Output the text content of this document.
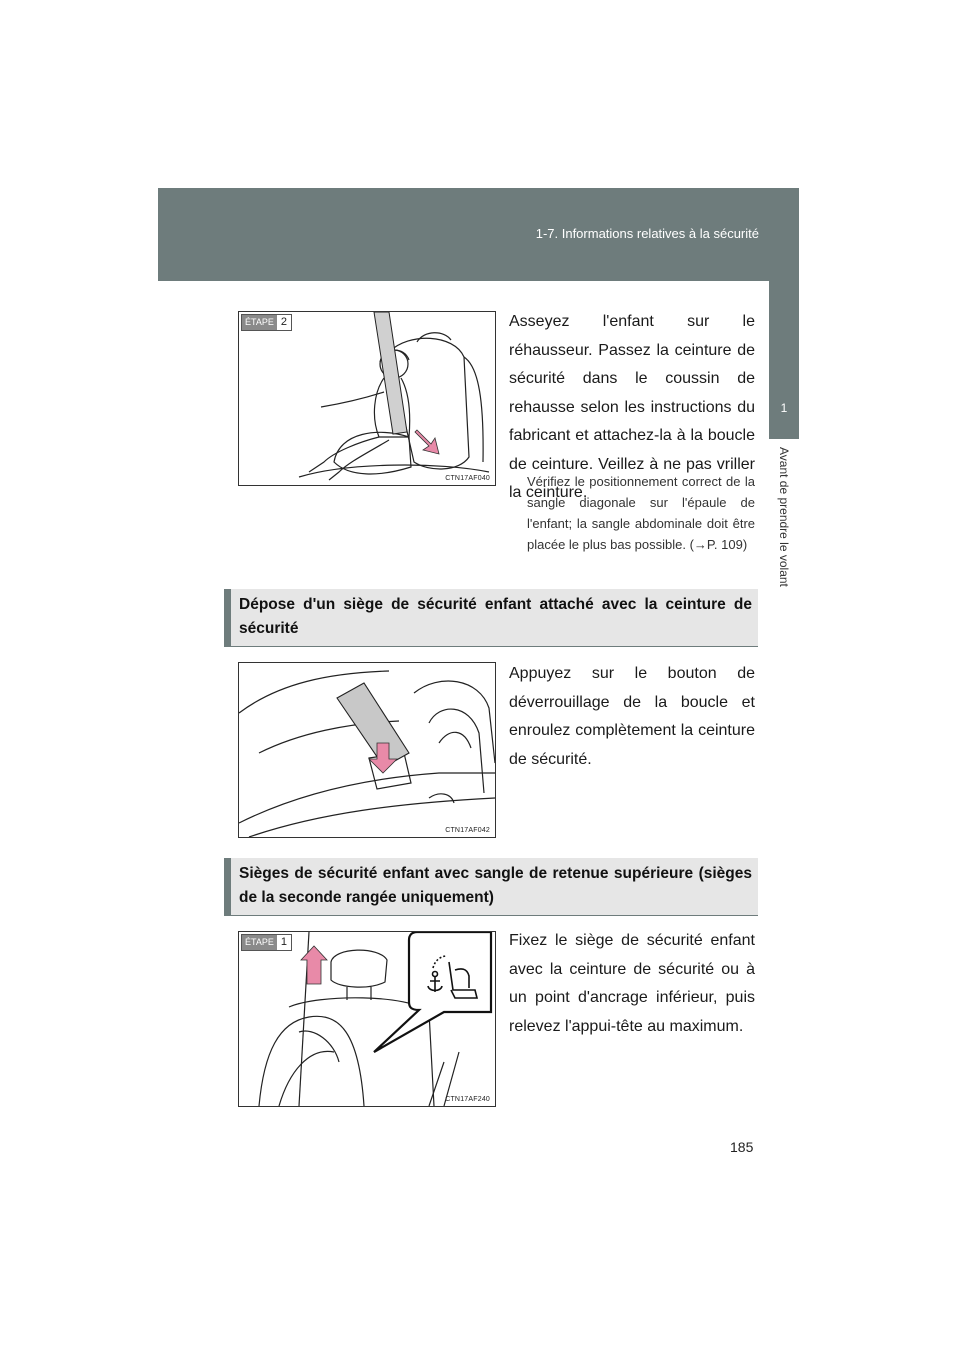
1-7. Informations relatives à la sécurité
1
Avant de prendre le volant
ÉTAPE 2
CTN17AF040
Asseyez l'enfant sur le réhausseur. Passez la ceinture de sécurité dans le coussin de rehausse selon les instructions du fabricant et attachez-la à la boucle de ceinture. Veillez à ne pas vriller la ceinture.
Vérifiez le positionnement correct de la sangle diagonale sur l'épaule de l'enfant; la sangle abdominale doit être placée le plus bas possible. (→P. 109)
Dépose d'un siège de sécurité enfant attaché avec la ceinture de sécurité
CTN17AF042
Appuyez sur le bouton de déverrouillage de la boucle et enroulez complètement la ceinture de sécurité.
Sièges de sécurité enfant avec sangle de retenue supérieure (sièges de la seconde rangée uniquement)
ÉTAPE 1
CTN17AF240
Fixez le siège de sécurité enfant avec la ceinture de sécurité ou à un point d'ancrage inférieur, puis relevez l'appui-tête au maximum.
185
